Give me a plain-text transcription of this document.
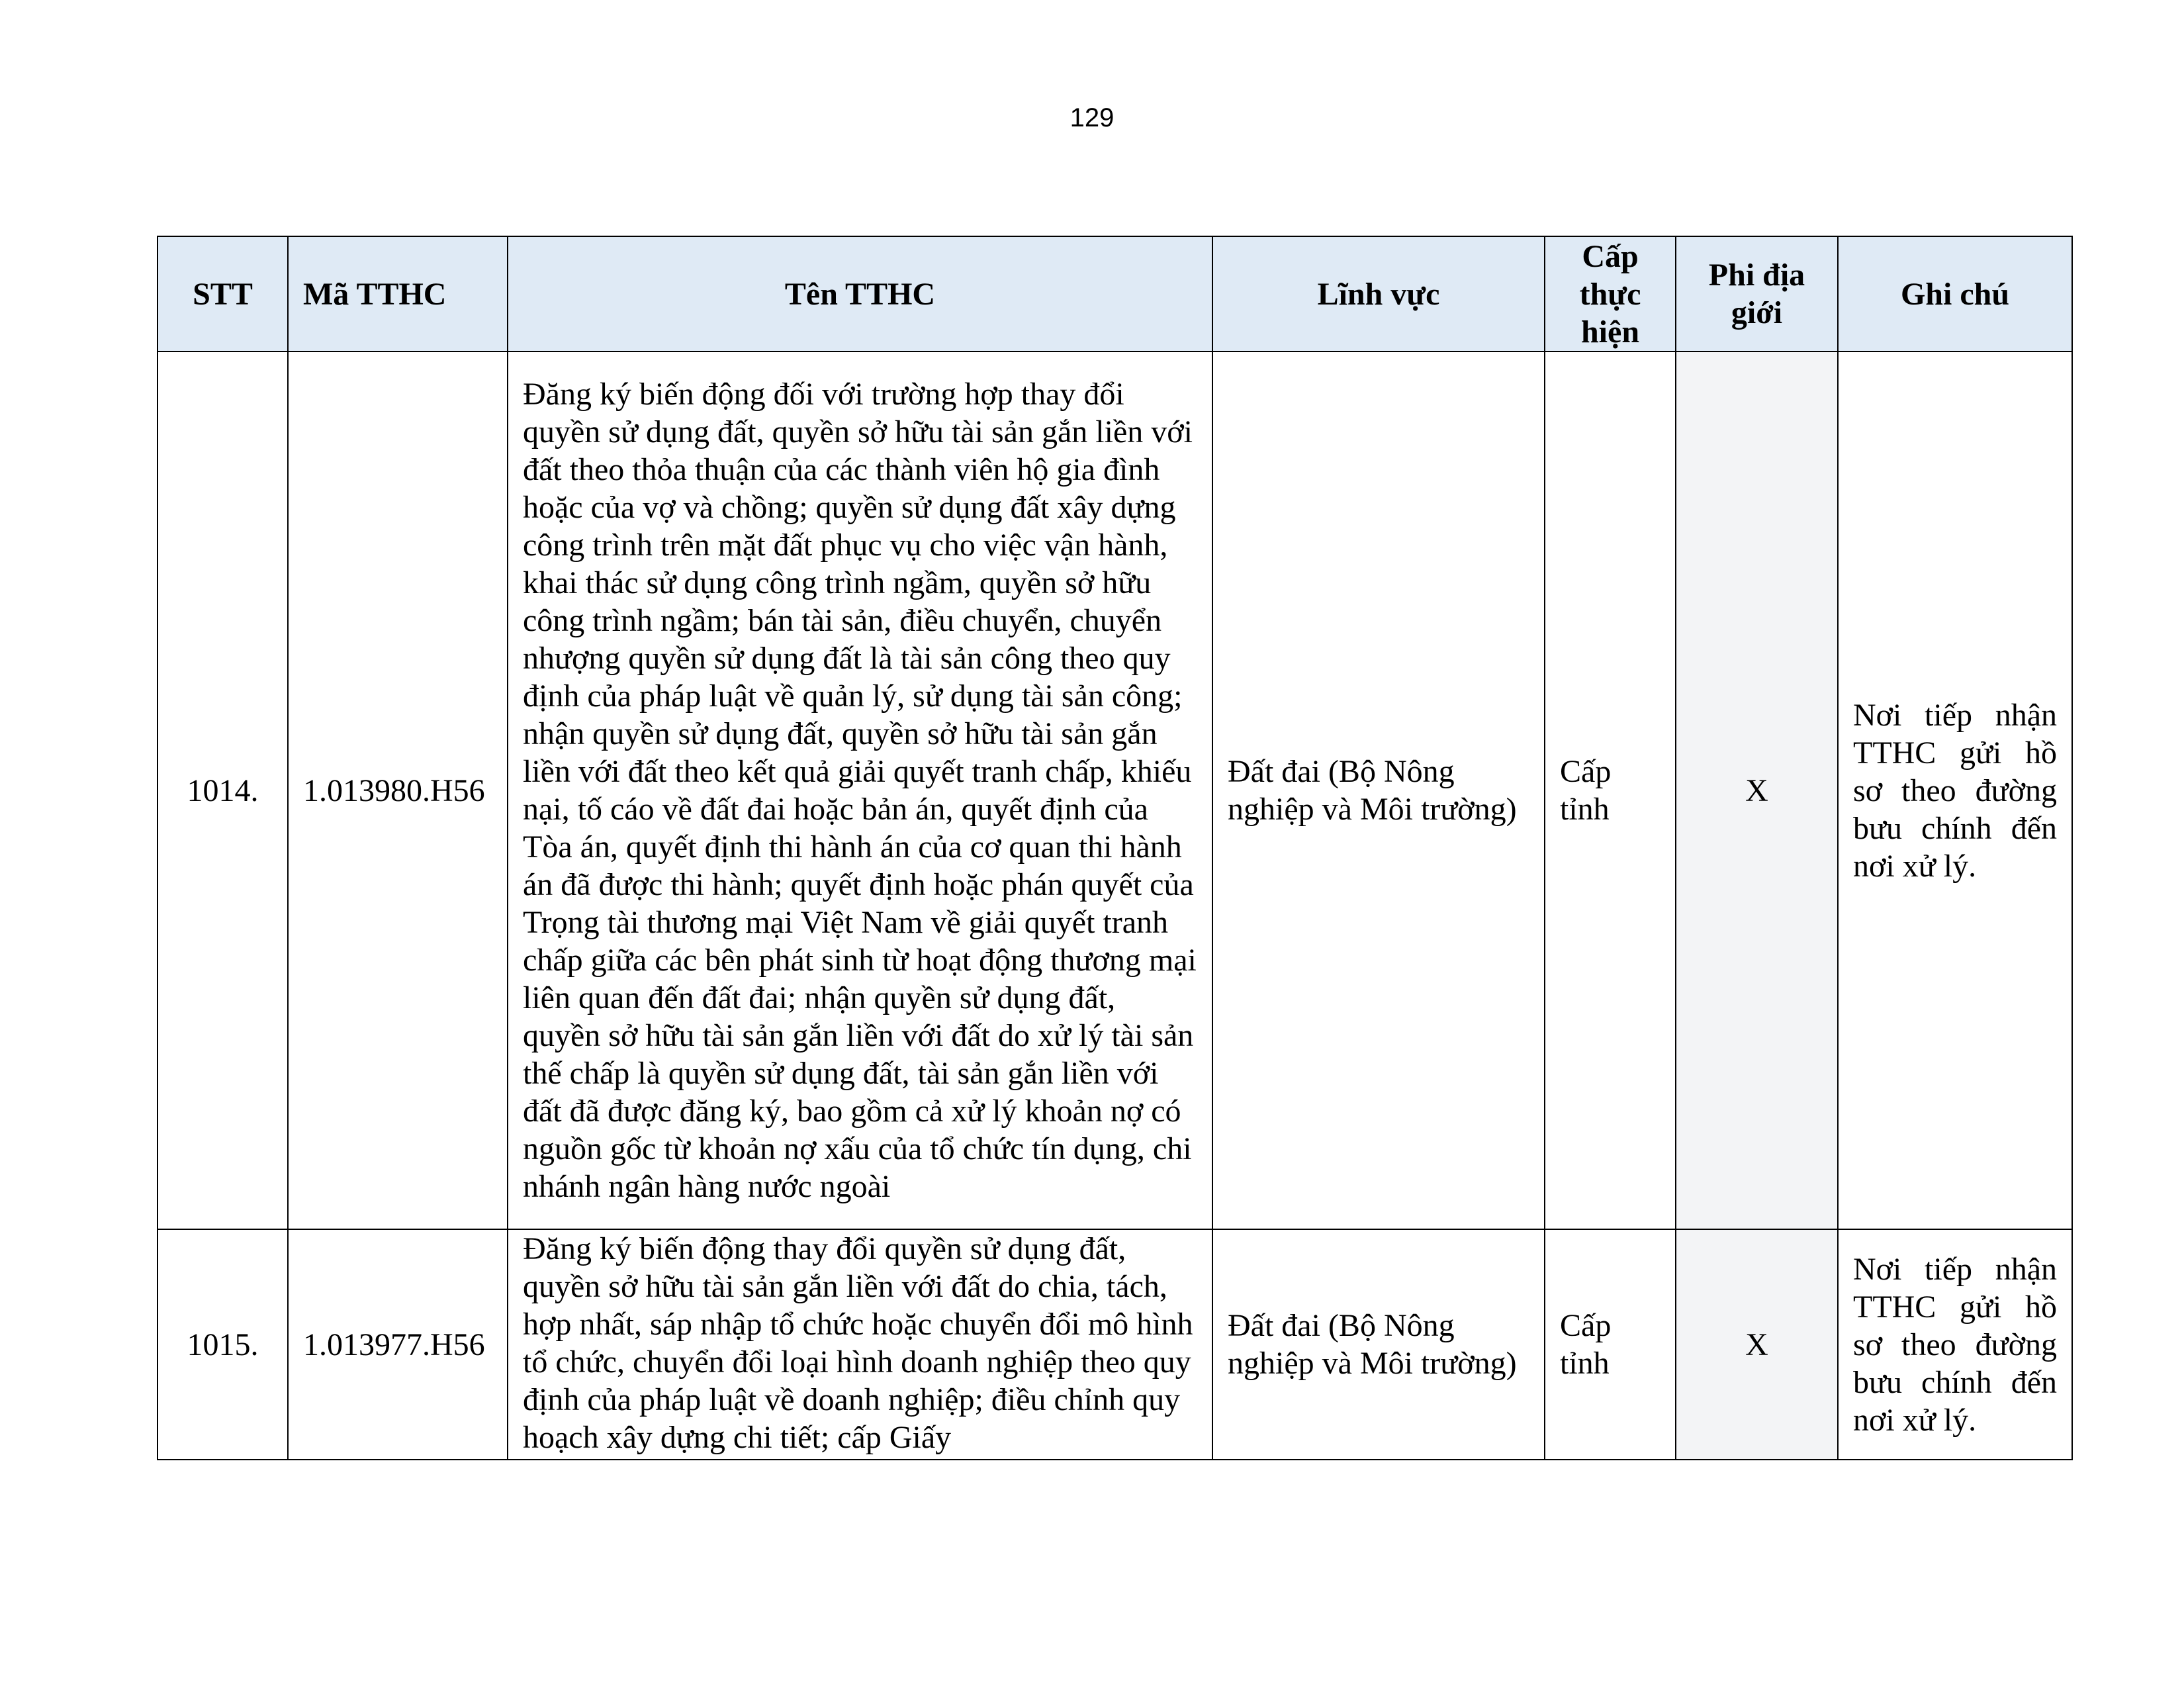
129
STT	Mã TTHC	Tên TTHC	Lĩnh vực	Cấp thực hiện	Phi địa giới	Ghi chú
1014.	1.013980.H56	Đăng ký biến động đối với trường hợp thay đổi quyền sử dụng đất, quyền sở hữu tài sản gắn liền với đất theo thỏa thuận của các thành viên hộ gia đình hoặc của vợ và chồng; quyền sử dụng đất xây dựng công trình trên mặt đất phục vụ cho việc vận hành, khai thác sử dụng công trình ngầm, quyền sở hữu công trình ngầm; bán tài sản, điều chuyển, chuyển nhượng quyền sử dụng đất là tài sản công theo quy định của pháp luật về quản lý, sử dụng tài sản công; nhận quyền sử dụng đất, quyền sở hữu tài sản gắn liền với đất theo kết quả giải quyết tranh chấp, khiếu nại, tố cáo về đất đai hoặc bản án, quyết định của Tòa án, quyết định thi hành án của cơ quan thi hành án đã được thi hành; quyết định hoặc phán quyết của Trọng tài thương mại Việt Nam về giải quyết tranh chấp giữa các bên phát sinh từ hoạt động thương mại liên quan đến đất đai; nhận quyền sử dụng đất, quyền sở hữu tài sản gắn liền với đất do xử lý tài sản thế chấp là quyền sử dụng đất, tài sản gắn liền với đất đã được đăng ký, bao gồm cả xử lý khoản nợ có nguồn gốc từ khoản nợ xấu của tổ chức tín dụng, chi nhánh ngân hàng nước ngoài	Đất đai (Bộ Nông nghiệp và Môi trường)	Cấp tỉnh	X	Nơi tiếp nhận TTHC gửi hồ sơ theo đường bưu chính đến nơi xử lý.
1015.	1.013977.H56	Đăng ký biến động thay đổi quyền sử dụng đất, quyền sở hữu tài sản gắn liền với đất do chia, tách, hợp nhất, sáp nhập tổ chức hoặc chuyển đổi mô hình tổ chức, chuyển đổi loại hình doanh nghiệp theo quy định của pháp luật về doanh nghiệp; điều chỉnh quy hoạch xây dựng chi tiết; cấp Giấy	Đất đai (Bộ Nông nghiệp và Môi trường)	Cấp tỉnh	X	Nơi tiếp nhận TTHC gửi hồ sơ theo đường bưu chính đến nơi xử lý.
